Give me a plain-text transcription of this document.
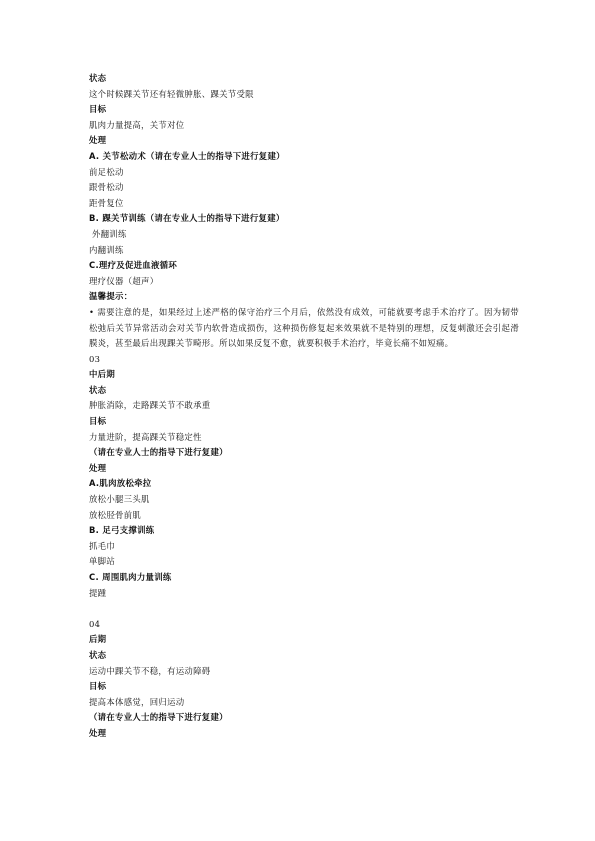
状态
这个时候踝关节还有轻微肿胀、踝关节受限
目标
肌肉力量提高，关节对位
处理
A. 关节松动术（请在专业人士的指导下进行复建）
前足松动
跟骨松动
距骨复位
B. 踝关节训练（请在专业人士的指导下进行复建）
外翻训练
内翻训练
C.理疗及促进血液循环
理疗仪器（超声）
温馨提示：
• 需要注意的是，如果经过上述严格的保守治疗三个月后，依然没有成效，可能就要考虑手术治疗了。因为韧带松弛后关节异常活动会对关节内软骨造成损伤，这种损伤修复起来效果就不是特别的理想，反复刺激还会引起滑膜炎，甚至最后出现踝关节畸形。所以如果反复不愈，就要积极手术治疗，毕竟长痛不如短痛。
03
中后期
状态
肿胀消除，走路踝关节不敢承重
目标
力量进阶，提高踝关节稳定性
（请在专业人士的指导下进行复建）
处理
A.肌肉放松牵拉
放松小腿三头肌
放松胫骨前肌
B. 足弓支撑训练
抓毛巾
单脚站
C. 周围肌肉力量训练
提踵
04
后期
状态
运动中踝关节不稳，有运动障碍
目标
提高本体感觉，回归运动
（请在专业人士的指导下进行复建）
处理
